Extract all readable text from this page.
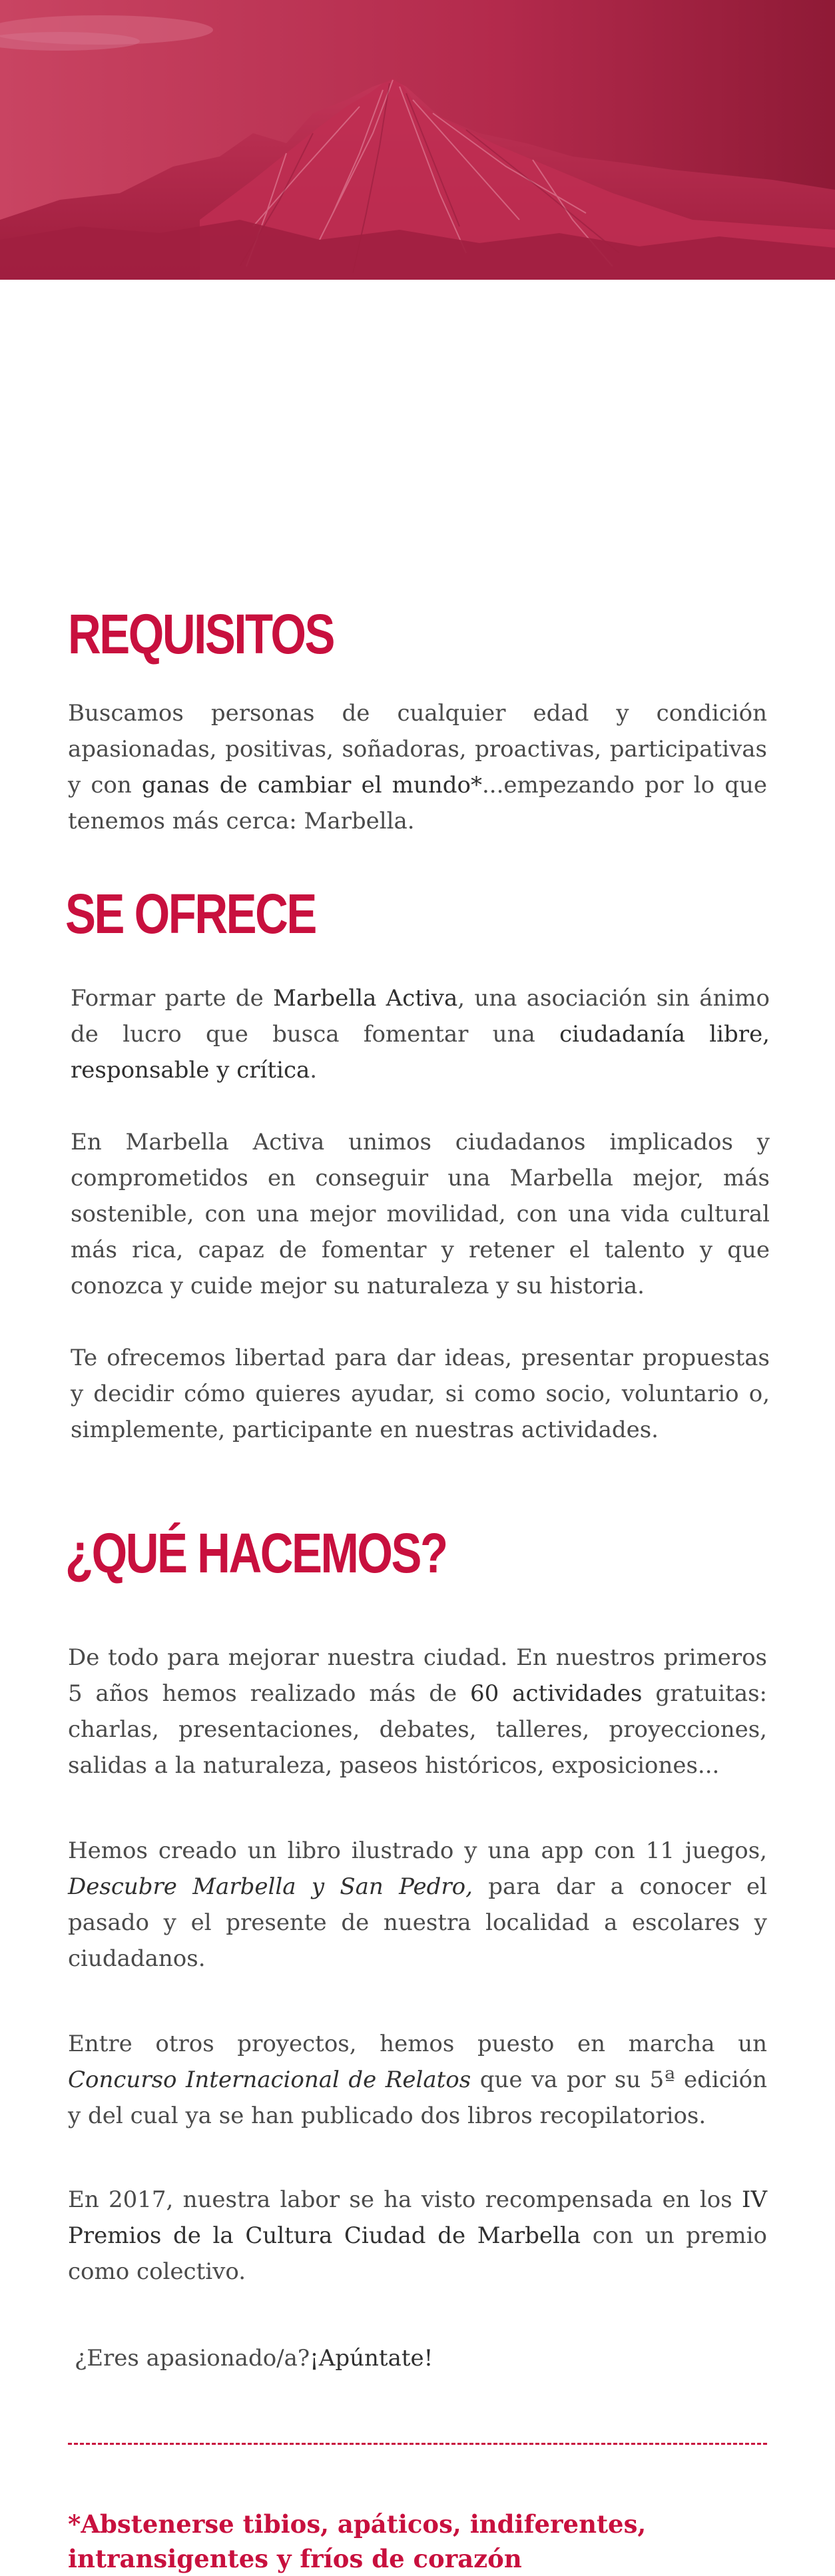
REQUISITOS

Buscamos personas de cualquier edad y condición apasionadas, positivas, soñadoras, proactivas, participativas y con ganas de cambiar el mundo*...empezando por lo que tenemos más cerca: Marbella.

SE OFRECE

Formar parte de Marbella Activa, una asociación sin ánimo de lucro que busca fomentar una ciudadanía libre, responsable y crítica.

En Marbella Activa unimos ciudadanos implicados y comprometidos en conseguir una Marbella mejor, más sostenible, con una mejor movilidad, con una vida cultural más rica, capaz de fomentar y retener el talento y que conozca y cuide mejor su naturaleza y su historia.

Te ofrecemos libertad para dar ideas, presentar propuestas y decidir cómo quieres ayudar, si como socio, voluntario o, simplemente, participante en nuestras actividades.

¿QUÉ HACEMOS?

De todo para mejorar nuestra ciudad. En nuestros primeros 5 años hemos realizado más de 60 actividades gratuitas: charlas, presentaciones, debates, talleres, proyecciones, salidas a la naturaleza, paseos históricos, exposiciones...

Hemos creado un libro ilustrado y una app con 11 juegos, Descubre Marbella y San Pedro, para dar a conocer el pasado y el presente de nuestra localidad a escolares y ciudadanos.

Entre otros proyectos, hemos puesto en marcha un Concurso Internacional de Relatos que va por su 5ª edición y del cual ya se han publicado dos libros recopilatorios.

En 2017, nuestra labor se ha visto recompensada en los IV Premios de la Cultura Ciudad de Marbella con un premio como colectivo.

¿Eres apasionado/a?¡Apúntate!

*Abstenerse tibios, apáticos, indiferentes,

intransigentes y fríos de corazón
